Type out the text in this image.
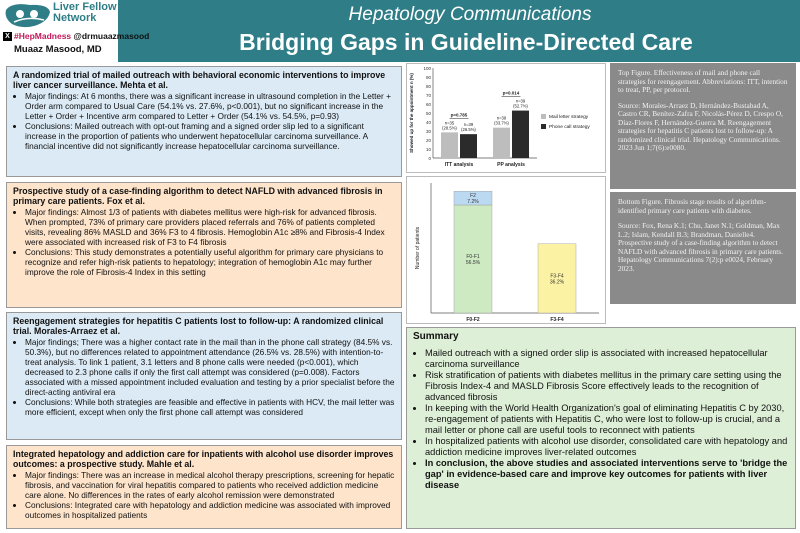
Liver Fellow Network
X #HepMadness @drmuaazmasood
Muaaz Masood, MD
Hepatology Communications
Bridging Gaps in Guideline-Directed Care
A randomized trial of mailed outreach with behavioral economic interventions to improve liver cancer surveillance. Mehta et al.
• Major findings: At 6 months, there was a significant increase in ultrasound completion in the Letter + Order arm compared to Usual Care (54.1% vs. 27.6%, p<0.001), but no significant increase in the Letter + Order + Incentive arm compared to Letter + Order (54.1% vs. 54.5%, p=0.93)
• Conclusions: Mailed outreach with opt-out framing and a signed order slip led to a significant increase in the proportion of patients who underwent hepatocellular carcinoma surveillance. A financial incentive did not significantly increase hepatocellular carcinoma surveillance.
Prospective study of a case-finding algorithm to detect NAFLD with advanced fibrosis in primary care patients. Fox et al.
• Major findings: Almost 1/3 of patients with diabetes mellitus were high-risk for advanced fibrosis. When prompted, 73% of primary care providers placed referrals and 76% of patients completed visits, revealing 86% MASLD and 36% F3 to 4 fibrosis. Hemoglobin A1c ≥8% and Fibrosis-4 Index were associated with increased risk of F3 to F4 fibrosis
• Conclusions: This study demonstrates a potentially useful algorithm for primary care physicians to recognize and refer high-risk patients to hepatology; integration of hemoglobin A1c may further improve the role of Fibrosis-4 Index in this setting
Reengagement strategies for hepatitis C patients lost to follow-up: A randomized clinical trial. Morales-Arraez et al.
• Major findings; There was a higher contact rate in the mail than in the phone call strategy (84.5% vs. 50.3%), but no differences related to appointment attendance (26.5% vs. 28.5%) with intention-to-treat analysis. To link 1 patient, 3.1 letters and 8 phone calls were needed (p<0.001), which decreased to 2.3 phone calls if only the first call attempt was considered (p=0.008). Factors associated with a missed appointment included evaluation and testing by a prior specialist before the direct-acting antiviral era
• Conclusions: While both strategies are feasible and effective in patients with HCV, the mail letter was more efficient, except when only the first phone call attempt was considered
Integrated hepatology and addiction care for inpatients with alcohol use disorder improves outcomes: a prospective study. Mahle et al.
• Major findings: There was an increase in medical alcohol therapy prescriptions, screening for hepatic fibrosis, and vaccination for viral hepatitis compared to patients who received addiction medicine care alone. No differences in the rates of early alcohol remission were demonstrated
• Conclusions: Integrated care with hepatology and addiction medicine was associated with improved outcomes in hospitalized patients
0
10
20
30
40
50
60
70
80
90
100
Showed up for the appointment n (%)	n=35
(28.5%)
n=39
(26.5%)
p=0.785
ITT analysis
n=39
(33.7%)
n=39
(52.7%)
p=0.014
PP analysis
Mail letter strategy
Phone call strategy
Number of patients
F0-F2	F3-F4
F0-F1
56.5%
F2
7.2%
F3-F4
36.2%

Top Figure. Effectiveness of mail and phone call strategies for reengagement. Abbreviations: ITT, intention to treat, PP, per protocol.

Source: Morales-Arraez D, Hernández-Bustabad A, Castro CR, Benítez-Zafra F, Nicolás-Pérez D, Crespo O, Díaz-Flores F, Hernández-Guerra M. Reengagement strategies for hepatitis C patients lost to follow-up: A randomized clinical trial. Hepatology Communications. 2023 Jun 1;7(6):e0080.

Bottom Figure. Fibrosis stage results of algorithm-identified primary care patients with diabetes.

Source: Fox, Rena K.1; Chu, Janet N.1; Goldman, Max L.2; Islam, Kendall B.3; Brandman, Danielle4. Prospective study of a case-finding algorithm to detect NAFLD with advanced fibrosis in primary care patients. Hepatology Communications 7(2):p e0024, February 2023.

Summary
• Mailed outreach with a signed order slip is associated with increased hepatocellular carcinoma surveillance
• Risk stratification of patients with diabetes mellitus in the primary care setting using the Fibrosis Index-4 and MASLD Fibrosis Score effectively leads to the recognition of advanced fibrosis
• In keeping with the World Health Organization's goal of eliminating Hepatitis C by 2030, re-engagement of patients with Hepatitis C, who were lost to follow-up is crucial, and a mail letter or phone call are useful tools to reconnect with patients
• In hospitalized patients with alcohol use disorder, consolidated care with hepatology and addiction medicine improves liver-related outcomes
• In conclusion, the above studies and associated interventions serve to 'bridge the gap' in evidence-based care and improve key outcomes for patients with liver disease
